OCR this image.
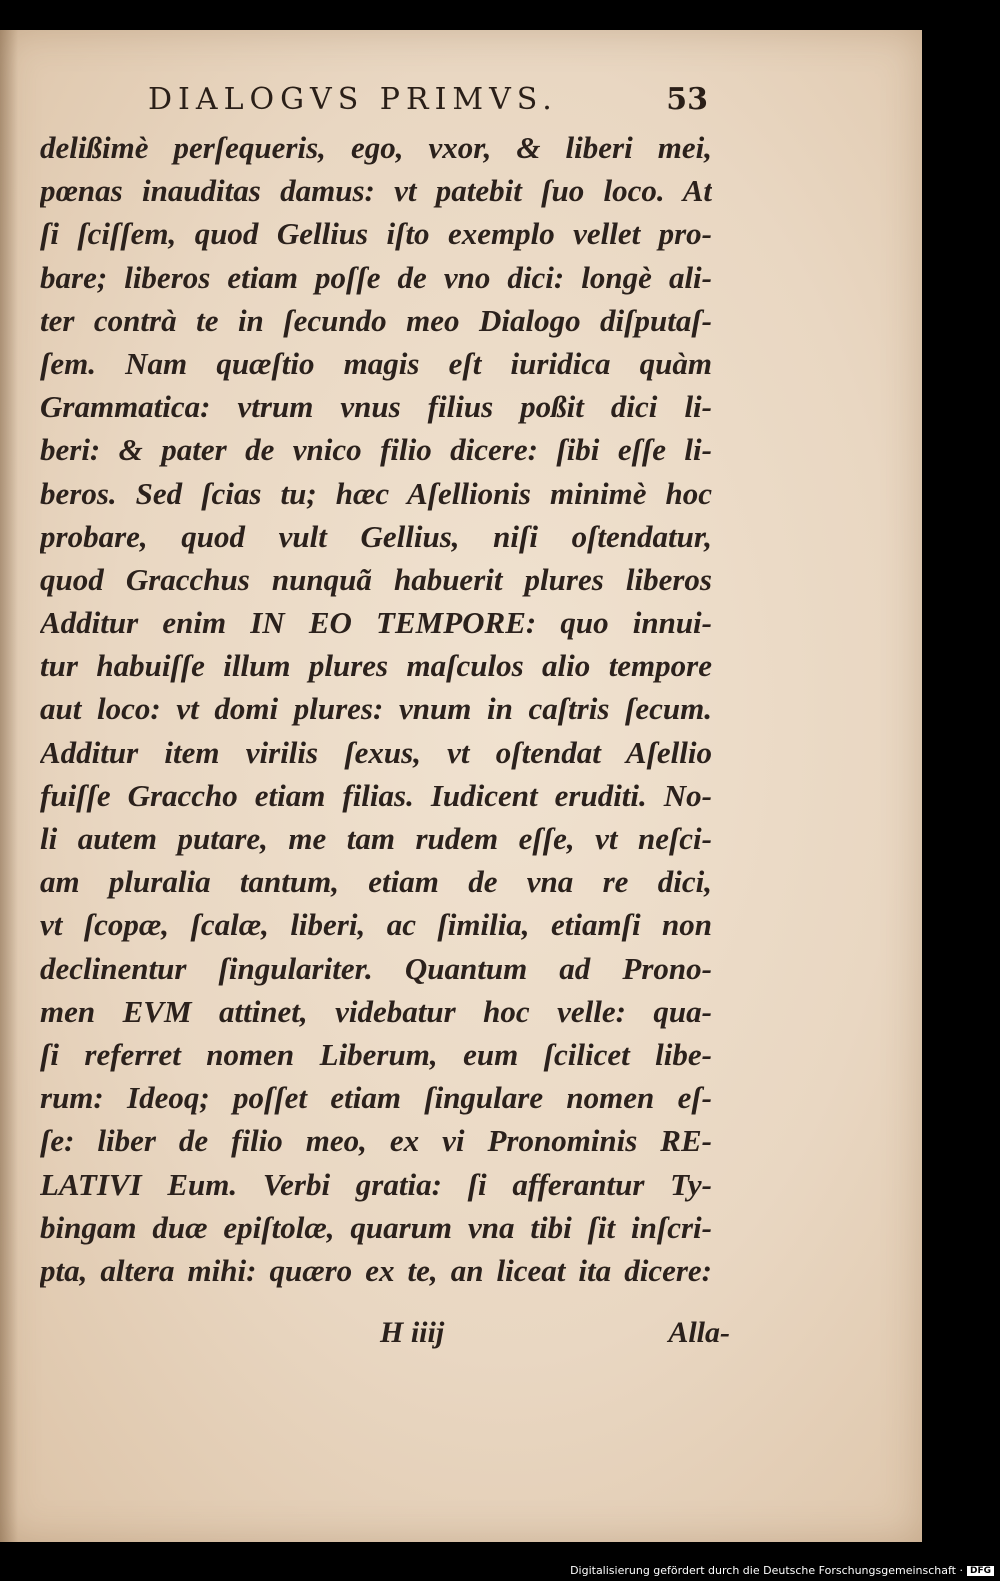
DIALOGVS PRIMVS.	53
delißimè perſequeris, ego, vxor, & liberi mei,
pœnas inauditas damus: vt patebit ſuo loco. At
ſi ſciſſem, quod Gellius iſto exemplo vellet pro-
bare; liberos etiam poſſe de vno dici: longè ali-
ter contrà te in ſecundo meo Dialogo diſputaſ-
ſem. Nam quæſtio magis eſt iuridica quàm
Grammatica: vtrum vnus filius poßit dici li-
beri: & pater de vnico filio dicere: ſibi eſſe li-
beros. Sed ſcias tu; hæc Aſellionis minimè hoc
probare, quod vult Gellius, niſi oſtendatur,
quod Gracchus nunquã habuerit plures liberos
Additur enim IN EO TEMPORE: quo innui-
tur habuiſſe illum plures maſculos alio tempore
aut loco: vt domi plures: vnum in caſtris ſecum.
Additur item virilis ſexus, vt oſtendat Aſellio
fuiſſe Graccho etiam filias. Iudicent eruditi. No-
li autem putare, me tam rudem eſſe, vt neſci-
am pluralia tantum, etiam de vna re dici,
vt ſcopæ, ſcalæ, liberi, ac ſimilia, etiamſi non
declinentur ſingulariter. Quantum ad Prono-
men EVM attinet, videbatur hoc velle: qua-
ſi referret nomen Liberum, eum ſcilicet libe-
rum: Ideoq; poſſet etiam ſingulare nomen eſ-
ſe: liber de filio meo, ex vi Pronominis RE-
LATIVI Eum. Verbi gratia: ſi afferantur Ty-
bingam duæ epiſtolæ, quarum vna tibi ſit inſcri-
pta, altera mihi: quæro ex te, an liceat ita dicere:
H iiij	Alla-
Digitalisierung gefördert durch die Deutsche Forschungsgemeinschaft · DFG
